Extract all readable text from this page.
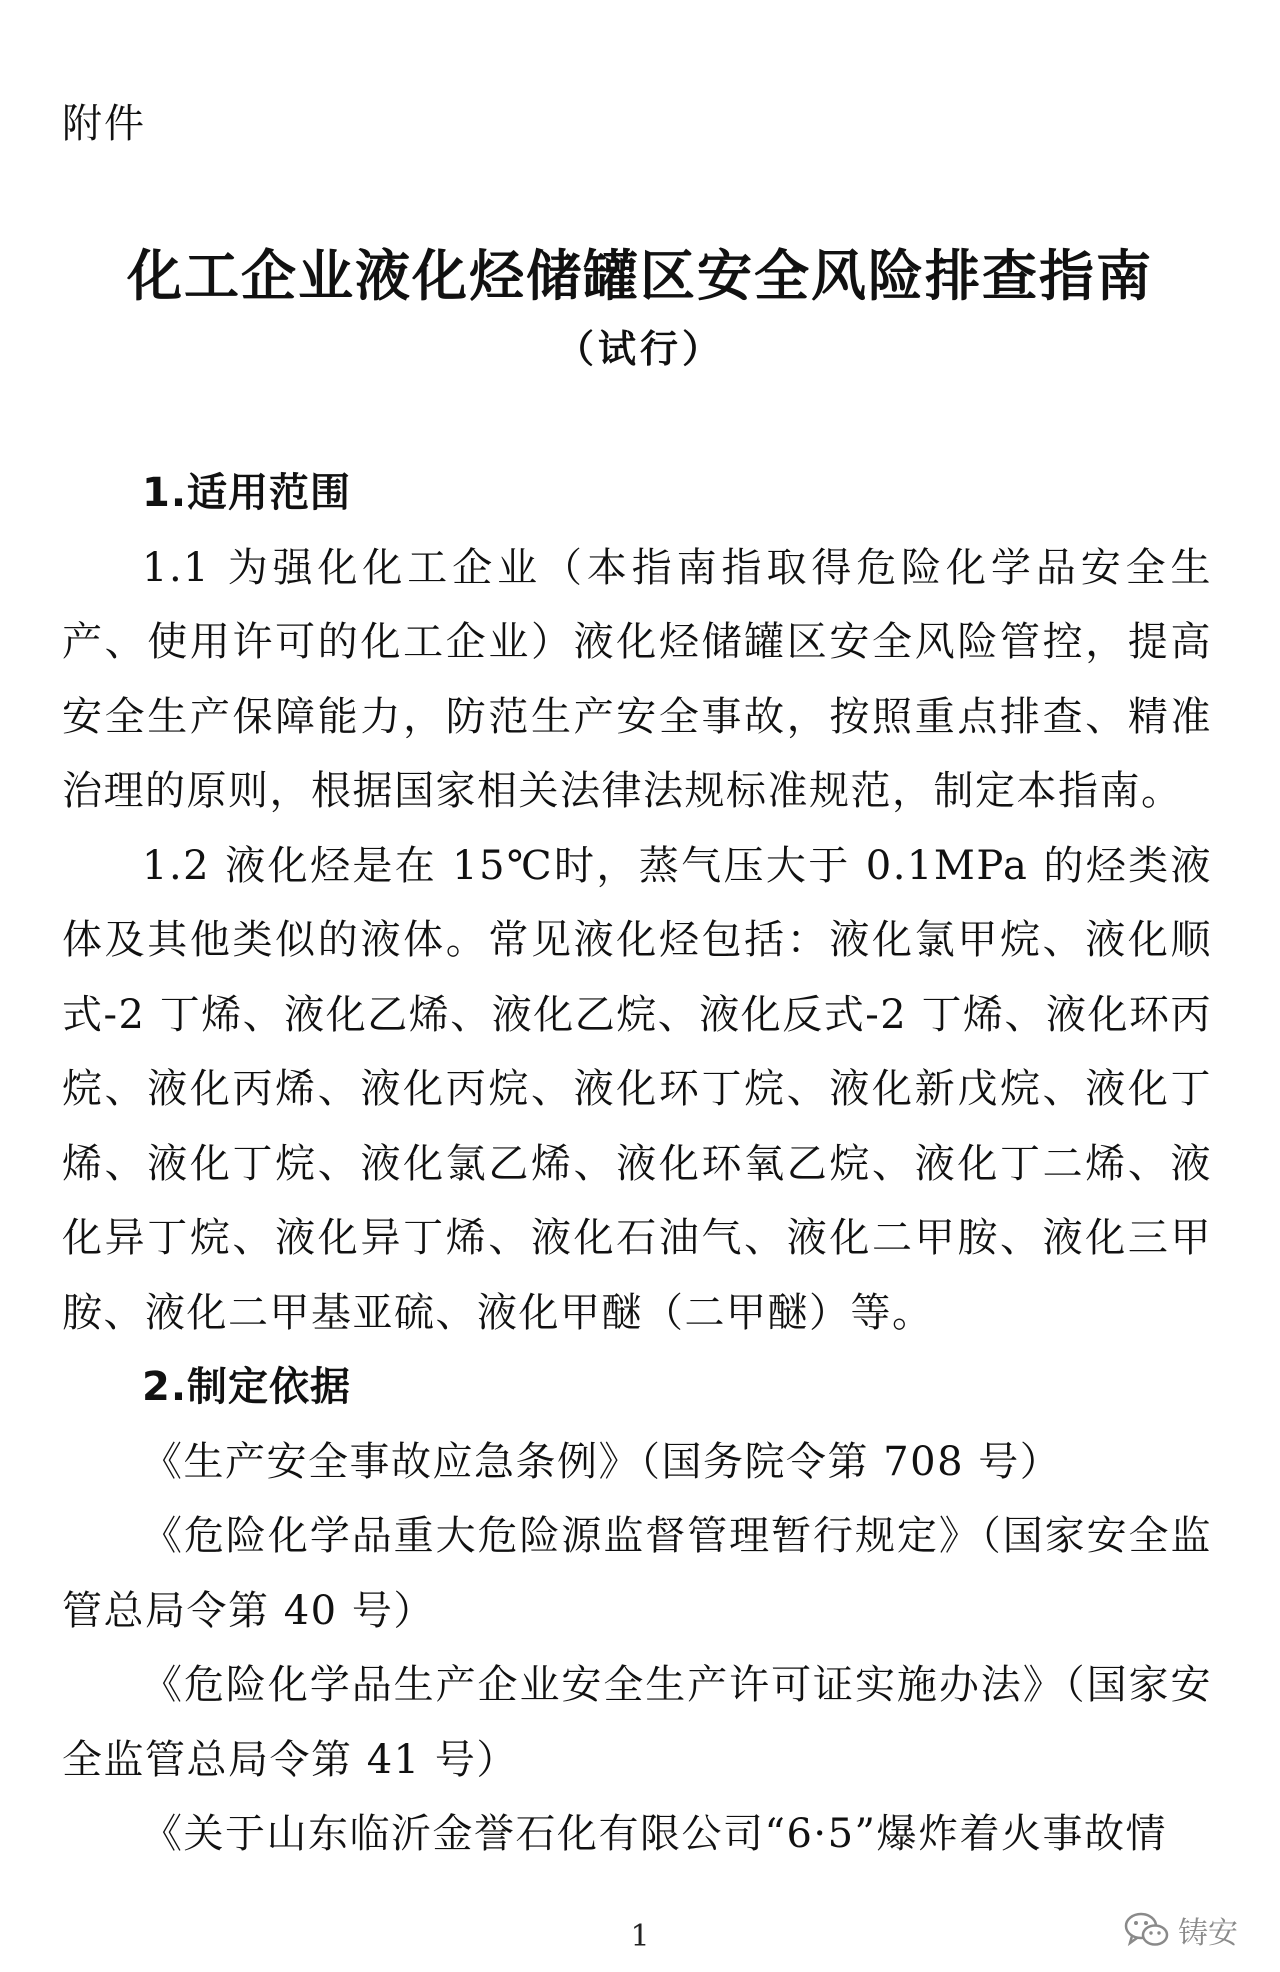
附件
化工企业液化烃储罐区安全风险排查指南
（试行）

1.适用范围

1.1 为强化化工企业（本指南指取得危险化学品安全生产、使用许可的化工企业）液化烃储罐区安全风险管控，提高安全生产保障能力，防范生产安全事故，按照重点排查、精准治理的原则，根据国家相关法律法规标准规范，制定本指南。

1.2 液化烃是在 15℃时，蒸气压大于 0.1MPa 的烃类液体及其他类似的液体。常见液化烃包括：液化氯甲烷、液化顺式-2 丁烯、液化乙烯、液化乙烷、液化反式-2 丁烯、液化环丙烷、液化丙烯、液化丙烷、液化环丁烷、液化新戊烷、液化丁烯、液化丁烷、液化氯乙烯、液化环氧乙烷、液化丁二烯、液化异丁烷、液化异丁烯、液化石油气、液化二甲胺、液化三甲胺、液化二甲基亚硫、液化甲醚（二甲醚）等。

2.制定依据

《生产安全事故应急条例》（国务院令第 708 号）

《危险化学品重大危险源监督管理暂行规定》（国家安全监管总局令第 40 号）

《危险化学品生产企业安全生产许可证实施办法》（国家安全监管总局令第 41 号）

《关于山东临沂金誉石化有限公司“6·5”爆炸着火事故情

1	铸安
